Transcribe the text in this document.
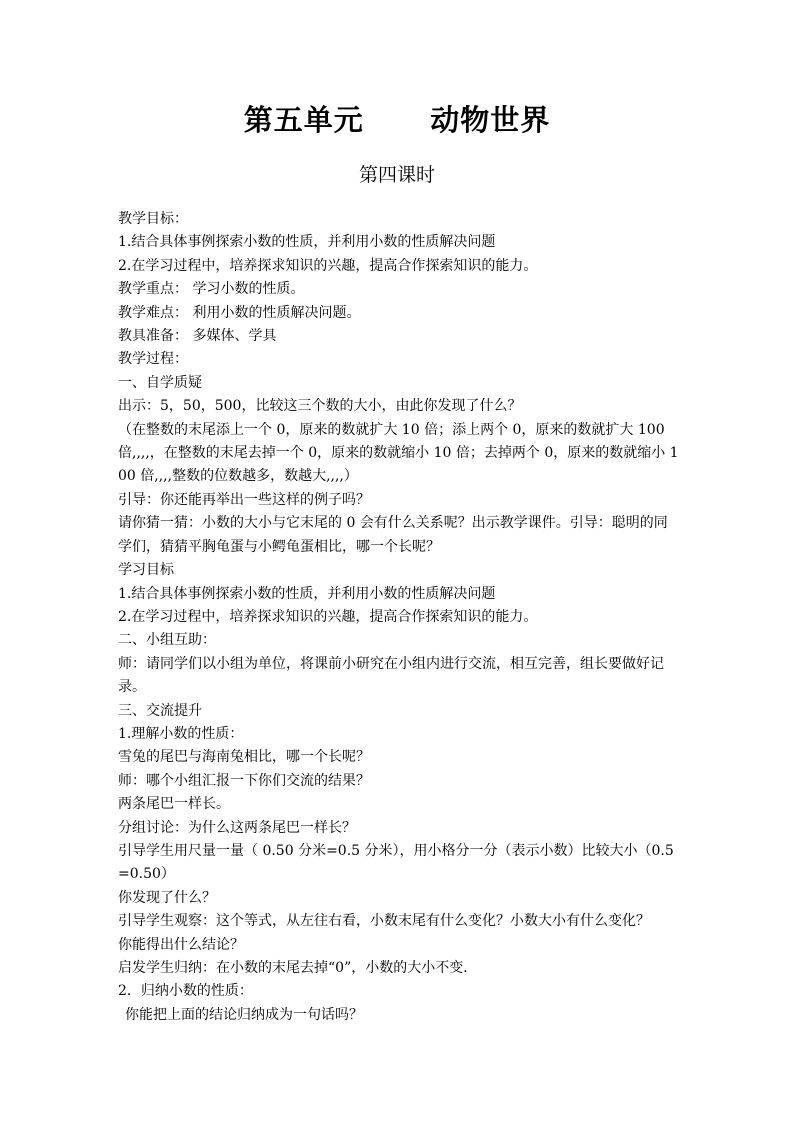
第五单元      动物世界
第四课时

教学目标：

1.结合具体事例探索小数的性质，并利用小数的性质解决问题

2.在学习过程中，培养探求知识的兴趣，提高合作探索知识的能力。

教学重点： 学习小数的性质。

教学难点： 利用小数的性质解决问题。

教具准备： 多媒体、学具

教学过程：

一、自学质疑

出示：5，50，500，比较这三个数的大小，由此你发现了什么？

（在整数的末尾添上一个 0，原来的数就扩大 10 倍；添上两个 0，原来的数就扩大 100 倍,,,,，在整数的末尾去掉一个 0，原来的数就缩小 10 倍；去掉两个 0，原来的数就缩小 100 倍,,,,整数的位数越多，数越大,,,,）

引导：你还能再举出一些这样的例子吗？

请你猜一猜：小数的大小与它末尾的 0 会有什么关系呢？出示教学课件。引导：聪明的同学们，猜猜平胸龟蛋与小鳄龟蛋相比，哪一个长呢？

学习目标

1.结合具体事例探索小数的性质，并利用小数的性质解决问题

2.在学习过程中，培养探求知识的兴趣，提高合作探索知识的能力。

二、小组互助：

师：请同学们以小组为单位，将课前小研究在小组内进行交流，相互完善，组长要做好记录。

三、交流提升

1.理解小数的性质：

雪兔的尾巴与海南兔相比，哪一个长呢？

师：哪个小组汇报一下你们交流的结果？

两条尾巴一样长。

分组讨论：为什么这两条尾巴一样长？

引导学生用尺量一量（ 0.50 分米=0.5 分米），用小格分一分（表示小数）比较大小（0.5=0.50）

你发现了什么？

引导学生观察：这个等式，从左往右看，小数末尾有什么变化？小数大小有什么变化？

你能得出什么结论？

启发学生归纳：在小数的末尾去掉“0”，小数的大小不变．

2．归纳小数的性质：

你能把上面的结论归纳成为一句话吗？
